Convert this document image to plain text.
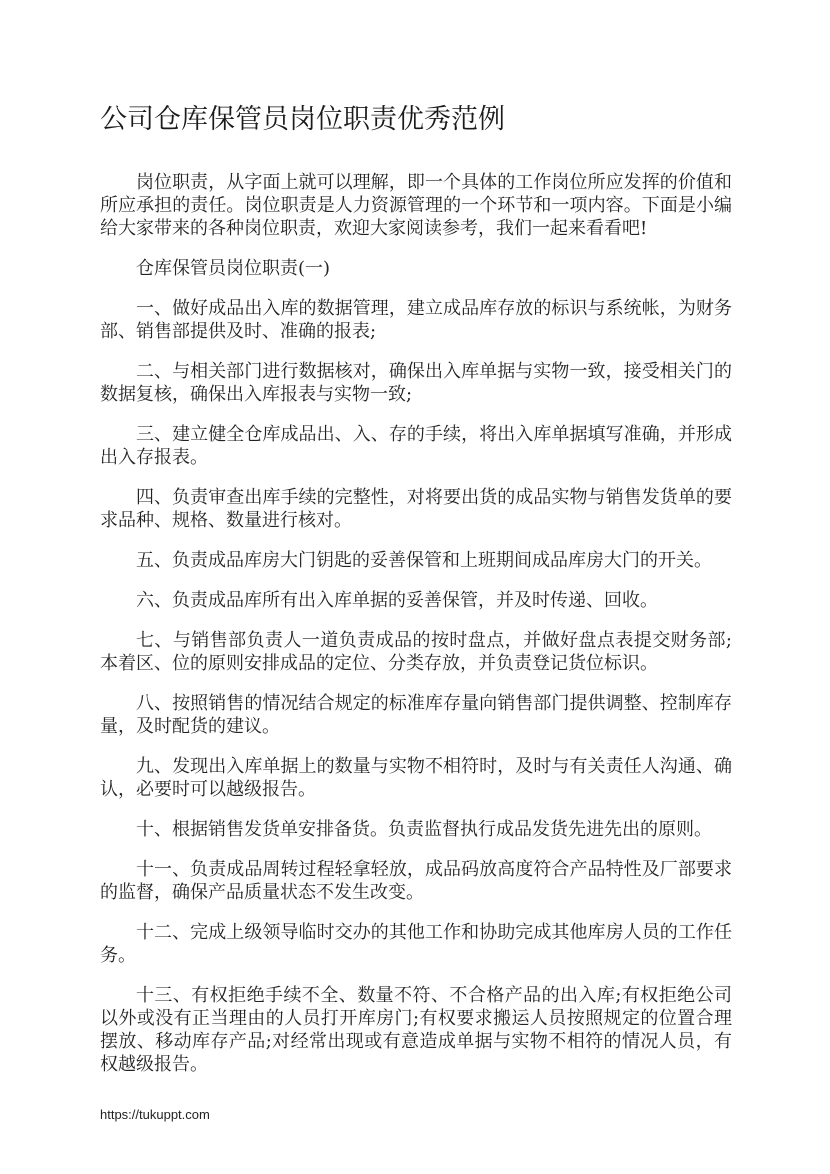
公司仓库保管员岗位职责优秀范例

岗位职责，从字面上就可以理解，即一个具体的工作岗位所应发挥的价值和所应承担的责任。岗位职责是人力资源管理的一个环节和一项内容。下面是小编给大家带来的各种岗位职责，欢迎大家阅读参考，我们一起来看看吧!

仓库保管员岗位职责(一)

一、做好成品出入库的数据管理，建立成品库存放的标识与系统帐，为财务部、销售部提供及时、准确的报表;

二、与相关部门进行数据核对，确保出入库单据与实物一致，接受相关门的数据复核，确保出入库报表与实物一致;

三、建立健全仓库成品出、入、存的手续，将出入库单据填写准确，并形成出入存报表。

四、负责审查出库手续的完整性，对将要出货的成品实物与销售发货单的要求品种、规格、数量进行核对。

五、负责成品库房大门钥匙的妥善保管和上班期间成品库房大门的开关。

六、负责成品库所有出入库单据的妥善保管，并及时传递、回收。

七、与销售部负责人一道负责成品的按时盘点，并做好盘点表提交财务部;本着区、位的原则安排成品的定位、分类存放，并负责登记货位标识。

八、按照销售的情况结合规定的标准库存量向销售部门提供调整、控制库存量，及时配货的建议。

九、发现出入库单据上的数量与实物不相符时，及时与有关责任人沟通、确认，必要时可以越级报告。

十、根据销售发货单安排备货。负责监督执行成品发货先进先出的原则。

十一、负责成品周转过程轻拿轻放，成品码放高度符合产品特性及厂部要求的监督，确保产品质量状态不发生改变。

十二、完成上级领导临时交办的其他工作和协助完成其他库房人员的工作任务。

十三、有权拒绝手续不全、数量不符、不合格产品的出入库;有权拒绝公司以外或没有正当理由的人员打开库房门;有权要求搬运人员按照规定的位置合理摆放、移动库存产品;对经常出现或有意造成单据与实物不相符的情况人员，有权越级报告。

https://tukuppt.com
